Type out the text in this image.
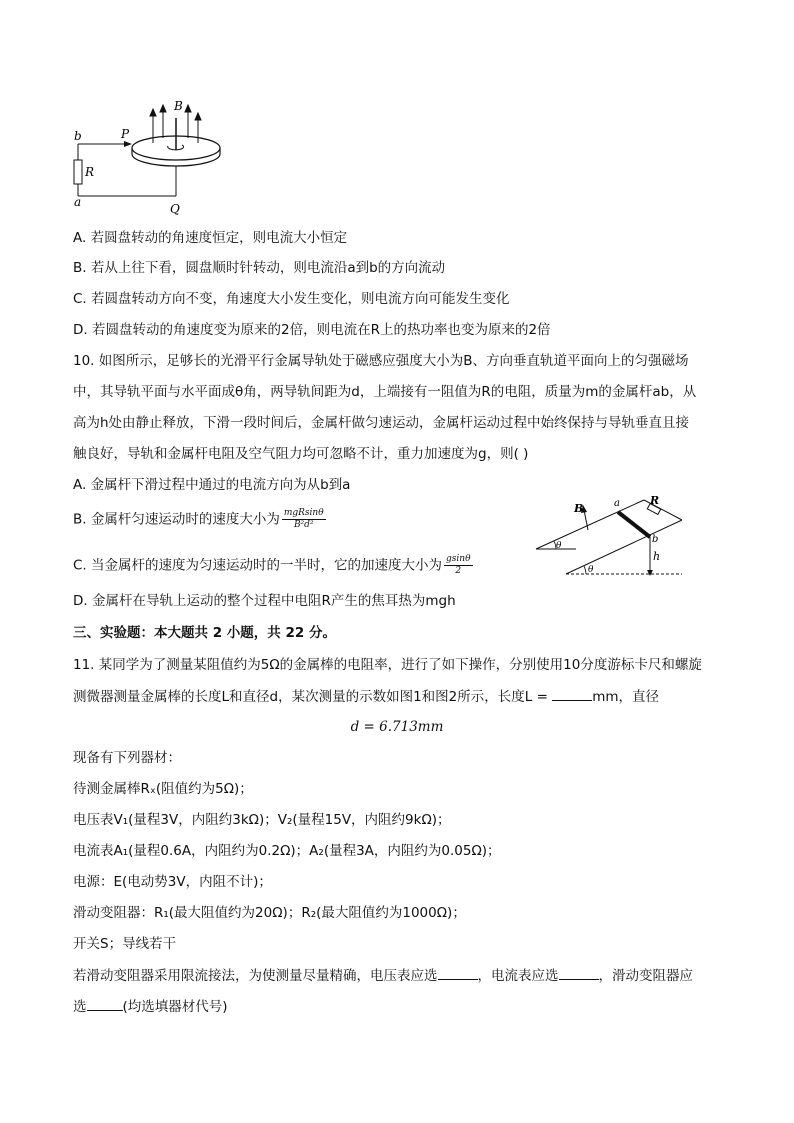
B
b	P
R
a	Q
A. 若圆盘转动的角速度恒定，则电流大小恒定
B. 若从上往下看，圆盘顺时针转动，则电流沿a到b的方向流动
C. 若圆盘转动方向不变，角速度大小发生变化，则电流方向可能发生变化
D. 若圆盘转动的角速度变为原来的2倍，则电流在R上的热功率也变为原来的2倍
10. 如图所示，足够长的光滑平行金属导轨处于磁感应强度大小为B、方向垂直轨道平面向上的匀强磁场
中，其导轨平面与水平面成θ角，两导轨间距为d，上端接有一阻值为R的电阻，质量为m的金属杆ab，从
高为h处由静止释放，下滑一段时间后，金属杆做匀速运动，金属杆运动过程中始终保持与导轨垂直且接
触良好，导轨和金属杆电阻及空气阻力均可忽略不计，重力加速度为g，则( )
A. 金属杆下滑过程中通过的电流方向为从b到a
B. 金属杆匀速运动时的速度大小为 $\frac{\text{mgRsinθ}}{\text{B²d²}}$
C. 当金属杆的速度为匀速运动时的一半时，它的加速度大小为 $\frac{gsin\theta}{2}$
D. 金属杆在导轨上运动的整个过程中电阻R产生的焦耳热为mgh
B	a	R
b
h
θ
θ
三、实验题：本大题共 2 小题，共 22 分。
11. 某同学为了测量某阻值约为5Ω的金属棒的电阻率，进行了如下操作，分别使用10分度游标卡尺和螺旋
测微器测量金属棒的长度L和直径d，某次测量的示数如图1和图2所示，长度L =	mm，直径
d = 6.713mm
现备有下列器材：
待测金属棒Rₓ(阻值约为5Ω)；
电压表V₁(量程3V，内阻约3kΩ)；V₂(量程15V，内阻约9kΩ)；
电流表A₁(量程0.6A，内阻约为0.2Ω)；A₂(量程3A，内阻约为0.05Ω)；
电源：E(电动势3V，内阻不计)；
滑动变阻器：R₁(最大阻值约为20Ω)；R₂(最大阻值约为1000Ω)；
开关S；导线若干
若滑动变阻器采用限流接法，为使测量尽量精确，电压表应选	，电流表应选	，滑动变阻器应
选	(均选填器材代号)
